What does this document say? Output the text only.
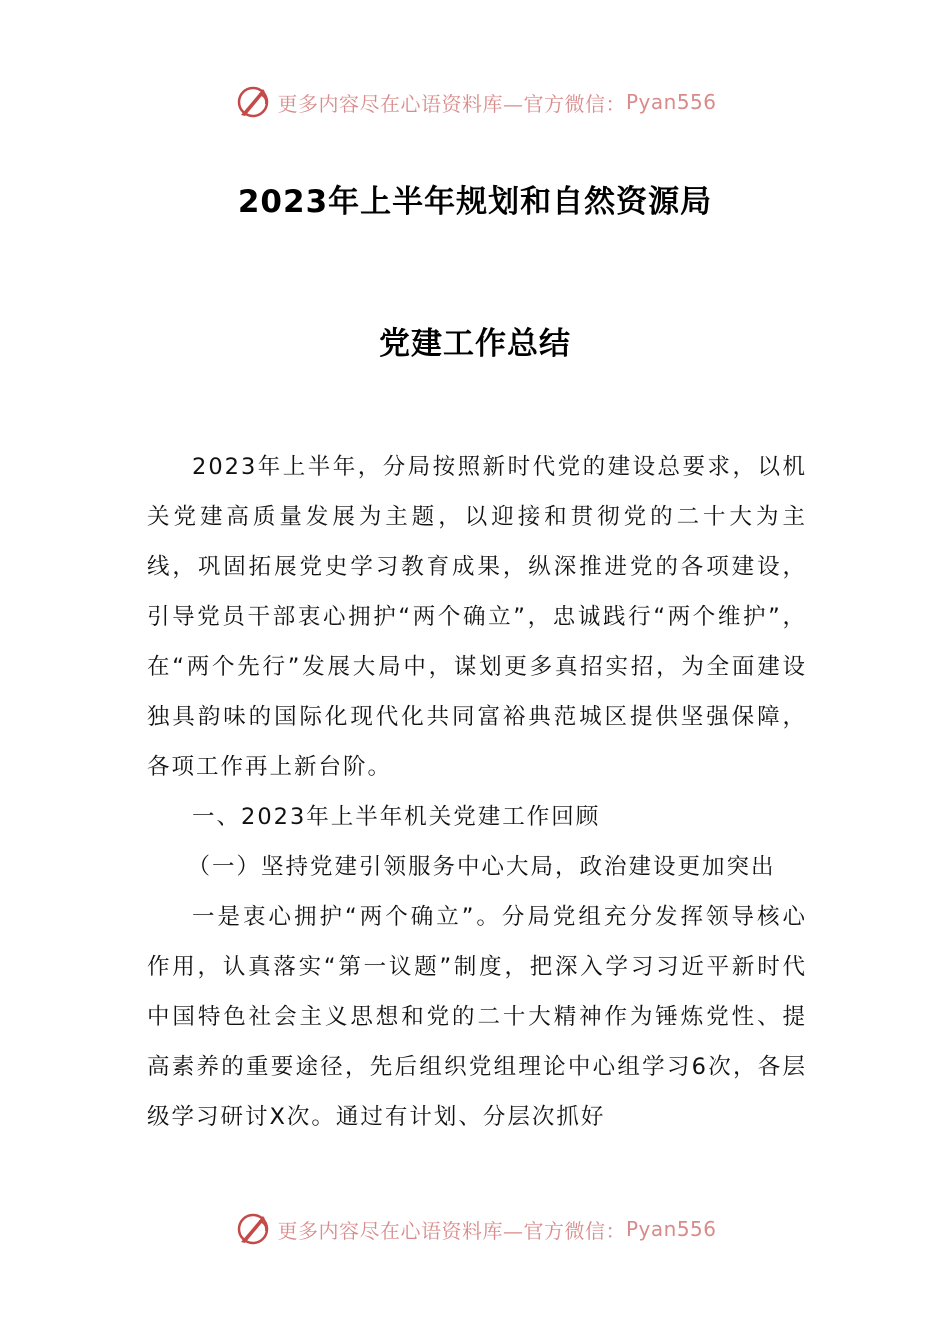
更多内容尽在心语资料库—官方微信： Pyan556
2023年上半年规划和自然资源局
党建工作总结

2023年上半年，分局按照新时代党的建设总要求，以机关党建高质量发展为主题，以迎接和贯彻党的二十大为主线，巩固拓展党史学习教育成果，纵深推进党的各项建设，引导党员干部衷心拥护“两个确立”，忠诚践行“两个维护”，在“两个先行”发展大局中，谋划更多真招实招，为全面建设独具韵味的国际化现代化共同富裕典范城区提供坚强保障，各项工作再上新台阶。

一、2023年上半年机关党建工作回顾

（一）坚持党建引领服务中心大局，政治建设更加突出

一是衷心拥护“两个确立”。分局党组充分发挥领导核心作用，认真落实“第一议题”制度，把深入学习习近平新时代中国特色社会主义思想和党的二十大精神作为锤炼党性、提高素养的重要途径，先后组织党组理论中心组学习6次，各层级学习研讨X次。通过有计划、分层次抓好

更多内容尽在心语资料库—官方微信： Pyan556
